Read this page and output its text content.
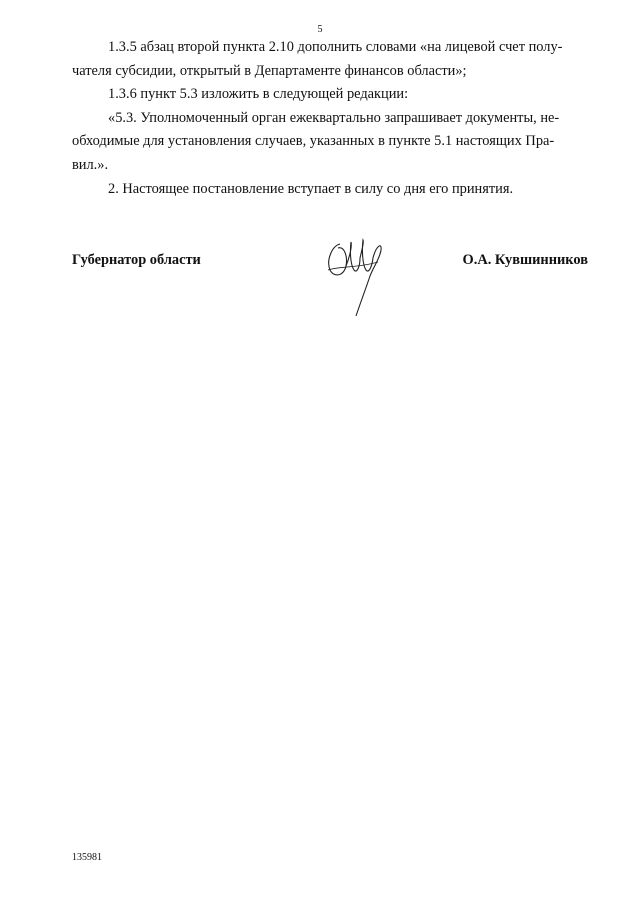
5

1.3.5 абзац второй пункта 2.10 дополнить словами «на лицевой счет полу-
чателя субсидии, открытый в Департаменте финансов области»;

1.3.6 пункт 5.3 изложить в следующей редакции:

«5.3. Уполномоченный орган ежеквартально запрашивает документы, не-
обходимые для установления случаев, указанных в пункте 5.1 настоящих Пра-
вил.».

2. Настоящее постановление вступает в силу со дня его принятия.

Губернатор области	О.А. Кувшинников
135981
